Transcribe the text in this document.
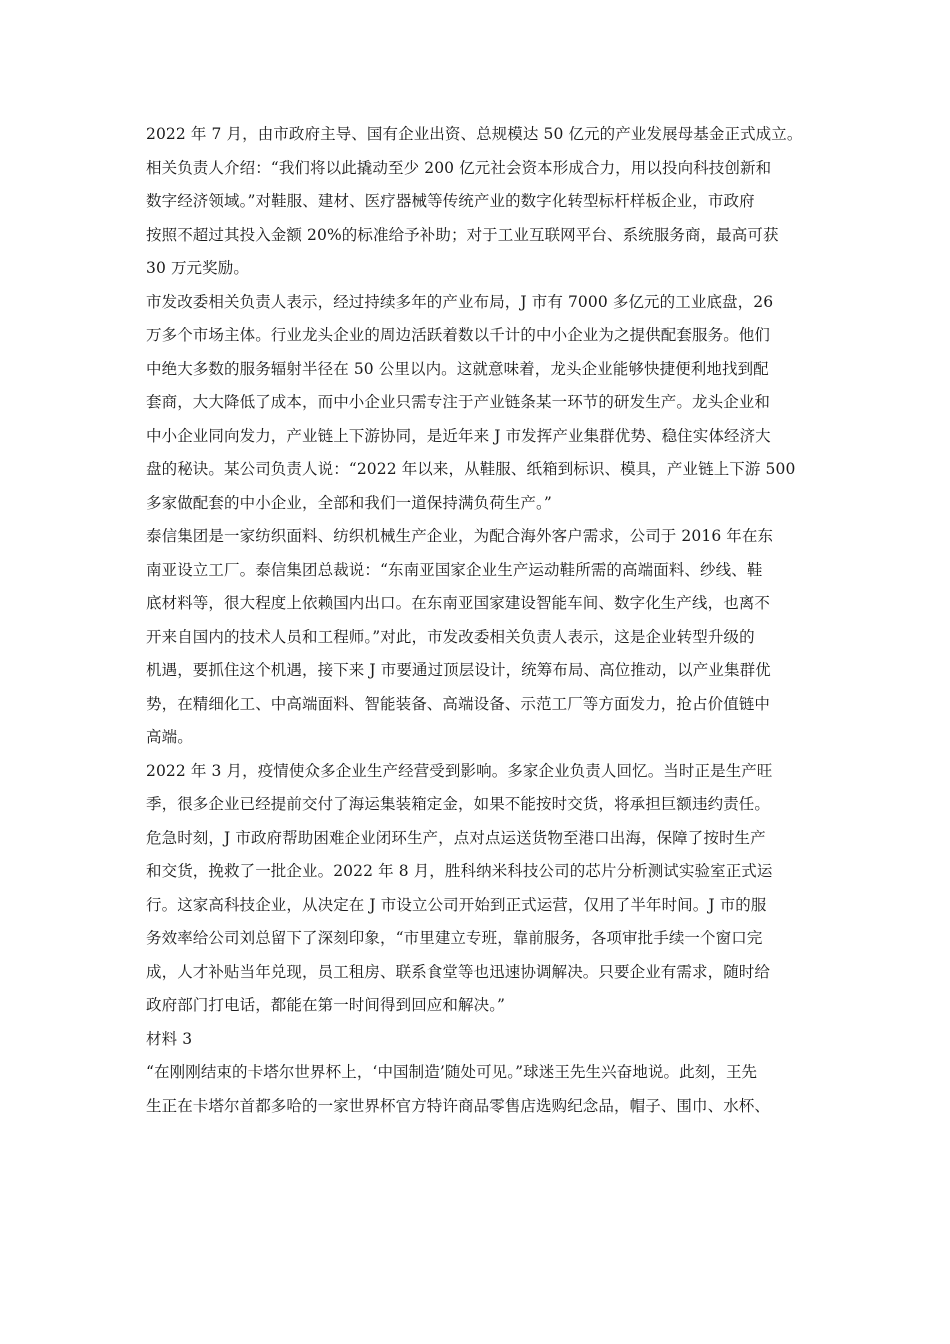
2022 年 7 月，由市政府主导、国有企业出资、总规模达 50 亿元的产业发展母基金正式成立。
相关负责人介绍：“我们将以此撬动至少 200 亿元社会资本形成合力，用以投向科技创新和
数字经济领域。”对鞋服、建材、医疗器械等传统产业的数字化转型标杆样板企业，市政府
按照不超过其投入金额 20%的标准给予补助；对于工业互联网平台、系统服务商，最高可获
30 万元奖励。
市发改委相关负责人表示，经过持续多年的产业布局，J 市有 7000 多亿元的工业底盘，26
万多个市场主体。行业龙头企业的周边活跃着数以千计的中小企业为之提供配套服务。他们
中绝大多数的服务辐射半径在 50 公里以内。这就意味着，龙头企业能够快捷便利地找到配
套商，大大降低了成本，而中小企业只需专注于产业链条某一环节的研发生产。龙头企业和
中小企业同向发力，产业链上下游协同，是近年来 J 市发挥产业集群优势、稳住实体经济大
盘的秘诀。某公司负责人说：“2022 年以来，从鞋服、纸箱到标识、模具，产业链上下游 500
多家做配套的中小企业，全部和我们一道保持满负荷生产。”
泰信集团是一家纺织面料、纺织机械生产企业，为配合海外客户需求，公司于 2016 年在东
南亚设立工厂。泰信集团总裁说：“东南亚国家企业生产运动鞋所需的高端面料、纱线、鞋
底材料等，很大程度上依赖国内出口。在东南亚国家建设智能车间、数字化生产线，也离不
开来自国内的技术人员和工程师。”对此，市发改委相关负责人表示，这是企业转型升级的
机遇，要抓住这个机遇，接下来 J 市要通过顶层设计，统筹布局、高位推动，以产业集群优
势，在精细化工、中高端面料、智能装备、高端设备、示范工厂等方面发力，抢占价值链中
高端。
2022 年 3 月，疫情使众多企业生产经营受到影响。多家企业负责人回忆。当时正是生产旺
季，很多企业已经提前交付了海运集装箱定金，如果不能按时交货，将承担巨额违约责任。
危急时刻，J 市政府帮助困难企业闭环生产，点对点运送货物至港口出海，保障了按时生产
和交货，挽救了一批企业。2022 年 8 月，胜科纳米科技公司的芯片分析测试实验室正式运
行。这家高科技企业，从决定在 J 市设立公司开始到正式运营，仅用了半年时间。J 市的服
务效率给公司刘总留下了深刻印象，“市里建立专班，靠前服务，各项审批手续一个窗口完
成，人才补贴当年兑现，员工租房、联系食堂等也迅速协调解决。只要企业有需求，随时给
政府部门打电话，都能在第一时间得到回应和解决。”
材料 3
“在刚刚结束的卡塔尔世界杯上，‘中国制造’随处可见。”球迷王先生兴奋地说。此刻，王先
生正在卡塔尔首都多哈的一家世界杯官方特许商品零售店选购纪念品，帽子、围巾、水杯、
